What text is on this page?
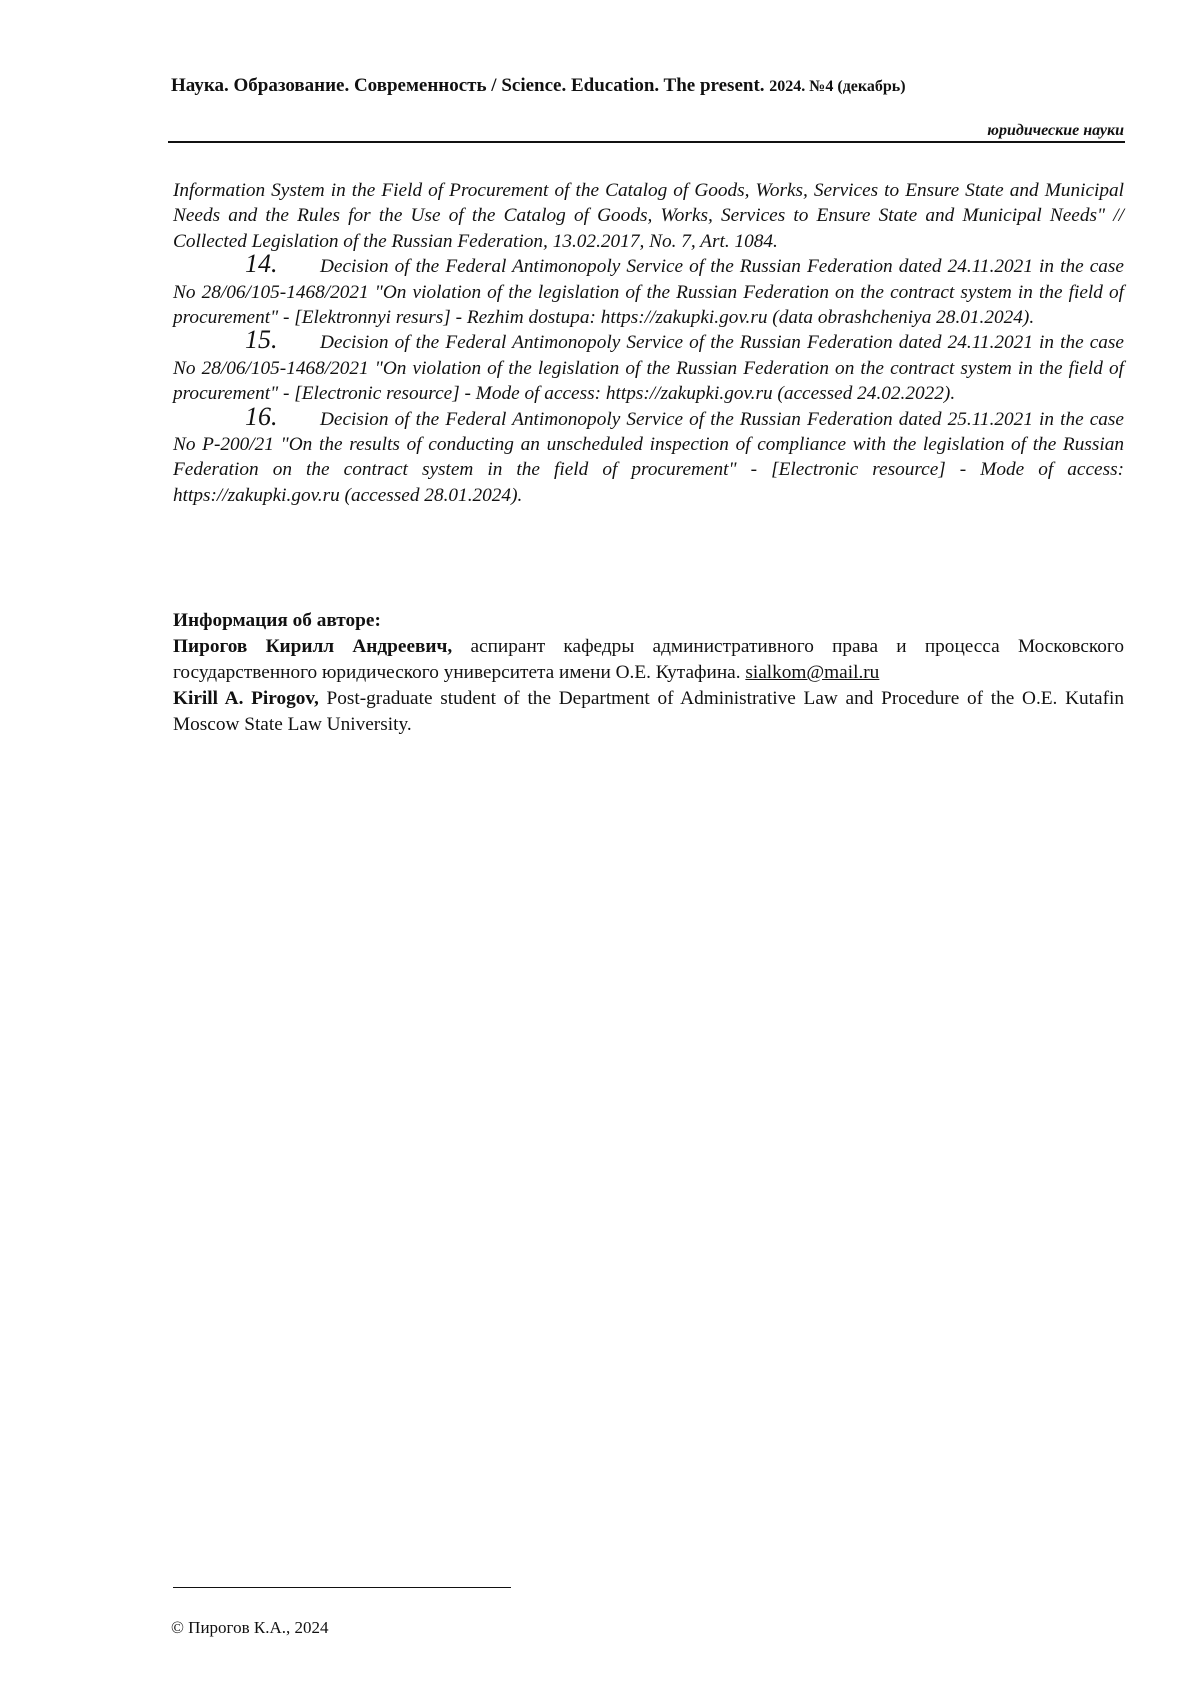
Наука. Образование. Современность / Science. Education. The present. 2024. №4 (декабрь)
юридические науки

Information System in the Field of Procurement of the Catalog of Goods, Works, Services to Ensure State and Municipal Needs and the Rules for the Use of the Catalog of Goods, Works, Services to Ensure State and Municipal Needs" // Collected Legislation of the Russian Federation, 13.02.2017, No. 7, Art. 1084.

14. Decision of the Federal Antimonopoly Service of the Russian Federation dated 24.11.2021 in the case No 28/06/105-1468/2021 "On violation of the legislation of the Russian Federation on the contract system in the field of procurement" - [Elektronnyi resurs] - Rezhim dostupa: https://zakupki.gov.ru (data obrashcheniya 28.01.2024).

15. Decision of the Federal Antimonopoly Service of the Russian Federation dated 24.11.2021 in the case No 28/06/105-1468/2021 "On violation of the legislation of the Russian Federation on the contract system in the field of procurement" - [Electronic resource] - Mode of access: https://zakupki.gov.ru (accessed 24.02.2022).

16. Decision of the Federal Antimonopoly Service of the Russian Federation dated 25.11.2021 in the case No P-200/21 "On the results of conducting an unscheduled inspection of compliance with the legislation of the Russian Federation on the contract system in the field of procurement" - [Electronic resource] - Mode of access: https://zakupki.gov.ru (accessed 28.01.2024).

Информация об авторе:

Пирогов Кирилл Андреевич, аспирант кафедры административного права и процесса Московского государственного юридического университета имени О.Е. Кутафина. sialkom@mail.ru

Kirill A. Pirogov, Post-graduate student of the Department of Administrative Law and Procedure of the O.E. Kutafin Moscow State Law University.

© Пирогов К.А., 2024
